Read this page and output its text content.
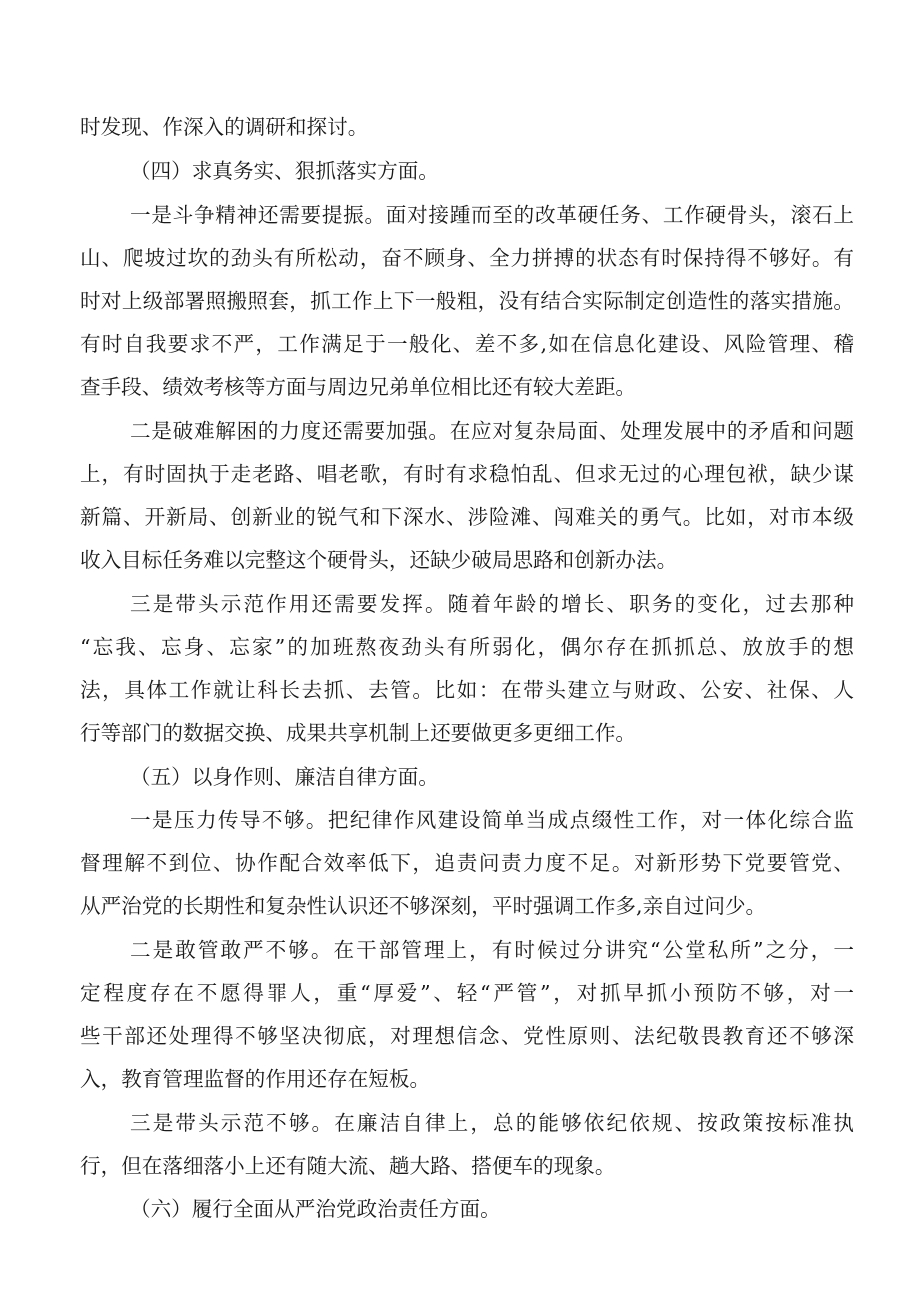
时发现、作深入的调研和探讨。

（四）求真务实、狠抓落实方面。

一是斗争精神还需要提振。面对接踵而至的改革硬任务、工作硬骨头，滚石上

山、爬坡过坎的劲头有所松动，奋不顾身、全力拼搏的状态有时保持得不够好。有

时对上级部署照搬照套，抓工作上下一般粗，没有结合实际制定创造性的落实措施。

有时自我要求不严，工作满足于一般化、差不多,如在信息化建设、风险管理、稽

查手段、绩效考核等方面与周边兄弟单位相比还有较大差距。

二是破难解困的力度还需要加强。在应对复杂局面、处理发展中的矛盾和问题

上，有时固执于走老路、唱老歌，有时有求稳怕乱、但求无过的心理包袱，缺少谋

新篇、开新局、创新业的锐气和下深水、涉险滩、闯难关的勇气。比如，对市本级

收入目标任务难以完整这个硬骨头，还缺少破局思路和创新办法。

三是带头示范作用还需要发挥。随着年龄的增长、职务的变化，过去那种

“忘我、忘身、忘家”的加班熬夜劲头有所弱化，偶尔存在抓抓总、放放手的想

法，具体工作就让科长去抓、去管。比如：在带头建立与财政、公安、社保、人

行等部门的数据交换、成果共享机制上还要做更多更细工作。

（五）以身作则、廉洁自律方面。

一是压力传导不够。把纪律作风建设简单当成点缀性工作，对一体化综合监

督理解不到位、协作配合效率低下，追责问责力度不足。对新形势下党要管党、

从严治党的长期性和复杂性认识还不够深刻，平时强调工作多,亲自过问少。

二是敢管敢严不够。在干部管理上，有时候过分讲究“公堂私所”之分，一

定程度存在不愿得罪人，重“厚爱”、轻“严管”，对抓早抓小预防不够，对一

些干部还处理得不够坚决彻底，对理想信念、党性原则、法纪敬畏教育还不够深

入，教育管理监督的作用还存在短板。

三是带头示范不够。在廉洁自律上，总的能够依纪依规、按政策按标准执

行，但在落细落小上还有随大流、趟大路、搭便车的现象。

（六）履行全面从严治党政治责任方面。
